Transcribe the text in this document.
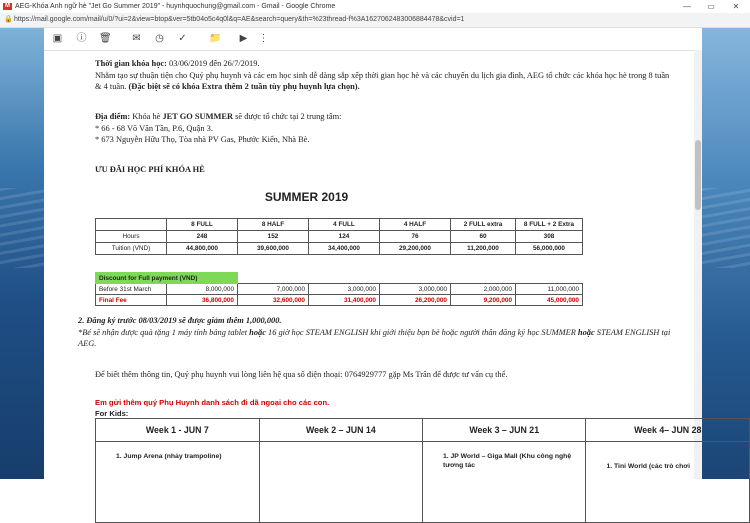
M AEG-Khóa Anh ngữ hè "Jet Go Summer 2019" - huynhquochung@gmail.com - Gmail - Google Chrome	—	▭	✕
🔒 https://mail.google.com/mail/u/0/?ui=2&view=btop&ver=5tb04o5c4q0l&q=AE&search=query&th=%23thread-f%3A1627062483006884478&cvid=1
▣ ⓘ 🗑 ✉ ◷ ✓ 📁 ▶ ⋮

Thời gian khóa học: 03/06/2019 đến 26/7/2019.

Nhằm tạo sự thuận tiện cho Quý phụ huynh và các em học sinh dễ dàng sắp xếp thời gian học hè và các chuyến du lịch gia đình, AEG tổ chức các khóa học hè trong 8 tuần & 4 tuần. (Đặc biệt sẽ có khóa Extra thêm 2 tuần tùy phụ huynh lựa chọn).

Địa điểm: Khóa hè JET GO SUMMER sẽ được tổ chức tại 2 trung tâm:

* 66 - 68 Võ Văn Tần, P.6, Quận 3.

* 673 Nguyễn Hữu Thọ, Tòa nhà PV Gas, Phước Kiển, Nhà Bè.

ƯU ĐÃI HỌC PHÍ KHÓA HÈ
SUMMER 2019
	8 FULL	8 HALF	4 FULL	4 HALF	2 FULL extra	8 FULL + 2 Extra
Hours	248	152	124	76	60	308
Tuition (VND)	44,800,000	39,600,000	34,400,000	29,200,000	11,200,000	56,000,000
Discount for Full payment (VND)						
Before 31st March	8,000,000	7,000,000	3,000,000	3,000,000	2,000,000	11,000,000
Final Fee	36,800,000	32,600,000	31,400,000	26,200,000	9,200,000	45,000,000

2. Đăng ký trước 08/03/2019 sẽ được giảm thêm 1,000,000.

*Bé sẽ nhận được quà tặng 1 máy tính bảng tablet hoặc 16 giờ học STEAM ENGLISH khi giới thiệu bạn bè hoặc người thân đăng ký học SUMMER hoặc STEAM ENGLISH tại AEG.

Để biết thêm thông tin, Quý phụ huynh vui lòng liên hệ qua số điện thoại: 0764929777 gặp Ms Trân để được tư vấn cụ thể.
Em gửi thêm quý Phụ Huynh danh sách đi dã ngoại cho các con.
For Kids:
Week 1 - JUN 7	Week 2 – JUN 14	Week 3 – JUN 21	Week 4– JUN 28
1. Jump Arena (nhảy trampoline)		1. JP World – Giga Mall (Khu công nghệ tương tác	1. Tini World (các trò chơi
